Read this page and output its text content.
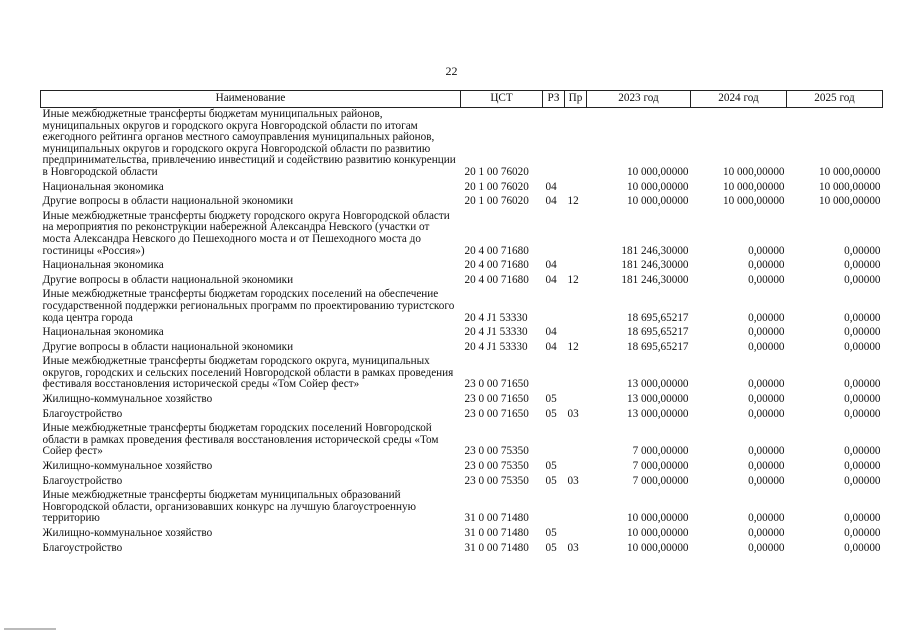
22
Наименование	ЦСТ	РЗ	Пр	2023 год	2024 год	2025 год
Иные межбюджетные трансферты бюджетам муниципальных районов, муниципальных округов и городского округа Новгородской области по итогам ежегодного рейтинга органов местного самоуправления муниципальных районов, муниципальных округов и городского округа Новгородской области по развитию предпринимательства, привлечению инвестиций и содействию развитию конкуренции в Новгородской области	20 1 00 76020			10 000,00000	10 000,00000	10 000,00000
Национальная экономика	20 1 00 76020	04		10 000,00000	10 000,00000	10 000,00000
Другие вопросы в области национальной экономики	20 1 00 76020	04	12	10 000,00000	10 000,00000	10 000,00000
Иные межбюджетные трансферты бюджету городского округа Новгородской области на мероприятия по реконструкции набережной Александра Невского (участки от моста Александра Невского до Пешеходного моста и от Пешеходного моста до гостиницы «Россия»)	20 4 00 71680			181 246,30000	0,00000	0,00000
Национальная экономика	20 4 00 71680	04		181 246,30000	0,00000	0,00000
Другие вопросы в области национальной экономики	20 4 00 71680	04	12	181 246,30000	0,00000	0,00000
Иные межбюджетные трансферты бюджетам городских поселений на обеспечение государственной поддержки региональных программ по проектированию туристского кода центра города	20 4 J1 53330			18 695,65217	0,00000	0,00000
Национальная экономика	20 4 J1 53330	04		18 695,65217	0,00000	0,00000
Другие вопросы в области национальной экономики	20 4 J1 53330	04	12	18 695,65217	0,00000	0,00000
Иные межбюджетные трансферты бюджетам городского округа, муниципальных округов, городских и сельских поселений Новгородской области в рамках проведения фестиваля восстановления исторической среды «Том Сойер фест»	23 0 00 71650			13 000,00000	0,00000	0,00000
Жилищно-коммунальное хозяйство	23 0 00 71650	05		13 000,00000	0,00000	0,00000
Благоустройство	23 0 00 71650	05	03	13 000,00000	0,00000	0,00000
Иные межбюджетные трансферты бюджетам городских поселений Новгородской области в рамках проведения фестиваля восстановления исторической среды «Том Сойер фест»	23 0 00 75350			7 000,00000	0,00000	0,00000
Жилищно-коммунальное хозяйство	23 0 00 75350	05		7 000,00000	0,00000	0,00000
Благоустройство	23 0 00 75350	05	03	7 000,00000	0,00000	0,00000
Иные межбюджетные трансферты бюджетам муниципальных образований Новгородской области, организовавших конкурс на лучшую благоустроенную территорию	31 0 00 71480			10 000,00000	0,00000	0,00000
Жилищно-коммунальное хозяйство	31 0 00 71480	05		10 000,00000	0,00000	0,00000
Благоустройство	31 0 00 71480	05	03	10 000,00000	0,00000	0,00000
